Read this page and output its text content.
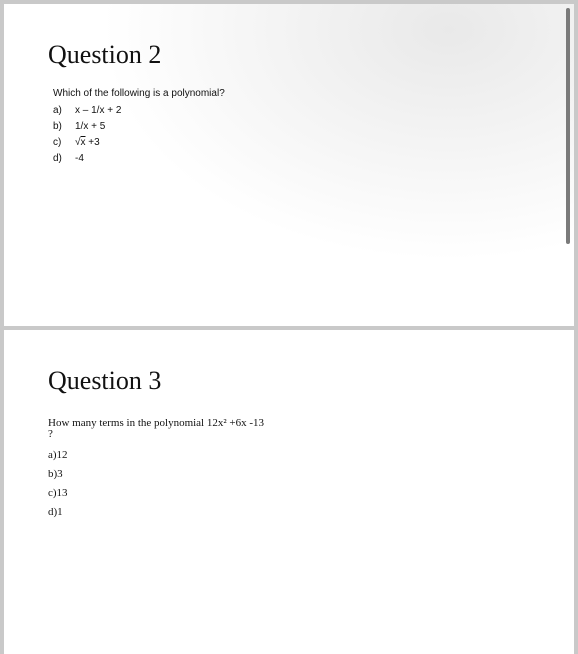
Question 2
Which of the following is a polynomial?
a)	x – 1/x + 2
b)	1/x + 5
c)	√ x +3
d)	-4
Question 3
How many terms in the polynomial 12x² +6x -13
?
a)12
b)3
c)13
d)1
